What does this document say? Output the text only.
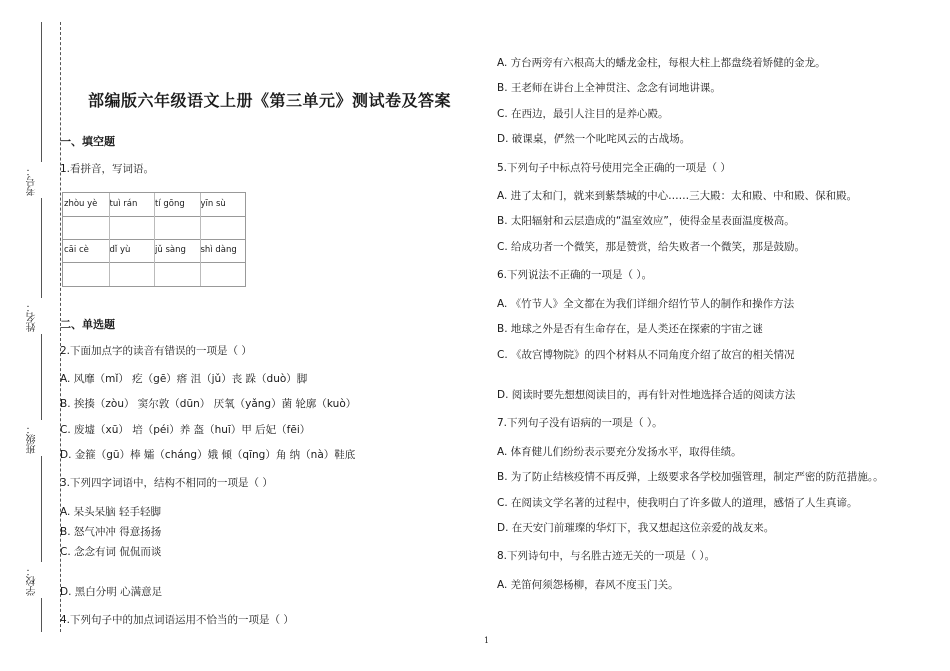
考号：
姓名：
班级：
学校：
部编版六年级语文上册《第三单元》测试卷及答案
一、填空题
1.看拼音，写词语。
zhòu yè	tuì rán	tí gōng	yīn sù
cāi cè	dǐ yù	jǔ sàng	shì dàng
二、单选题
2.下面加点字的读音有错误的一项是（ ）
A. 风靡（mǐ） 疙（gē）瘩 沮（jǔ）丧 跺（duò）脚
B. 挨揍（zòu） 窦尔敦（dūn） 厌氧（yǎng）菌 轮廓（kuò）
C. 废墟（xū） 培（péi）养 盔（huī）甲 后妃（fēi）
D. 金箍（gū）棒 孀（cháng）娥 倾（qīng）角 纳（nà）鞋底
3.下列四字词语中，结构不相同的一项是（ ）
A. 呆头呆脑 轻手轻脚
B. 怒气冲冲 得意扬扬
C. 念念有词 侃侃而谈
D. 黑白分明 心满意足
4.下列句子中的加点词语运用不恰当的一项是（ ）
A. 方台两旁有六根高大的蟠龙金柱，每根大柱上都盘绕着矫健的金龙。
B. 王老师在讲台上全神贯注、念念有词地讲课。
C. 在西边，最引人注目的是养心殿。
D. 破课桌，俨然一个叱咤风云的古战场。
5.下列句子中标点符号使用完全正确的一项是（ ）
A. 进了太和门，就来到紫禁城的中心……三大殿：太和殿、中和殿、保和殿。
B. 太阳辐射和云层造成的“温室效应”，使得金星表面温度极高。
C. 给成功者一个微笑，那是赞赏，给失败者一个微笑，那是鼓励。
6.下列说法不正确的一项是（ ）。
A. 《竹节人》全文都在为我们详细介绍竹节人的制作和操作方法
B. 地球之外是否有生命存在，是人类还在探索的宇宙之谜
C. 《故宫博物院》的四个材料从不同角度介绍了故宫的相关情况
D. 阅读时要先想想阅读目的，再有针对性地选择合适的阅读方法
7.下列句子没有语病的一项是（ ）。
A. 体育健儿们纷纷表示要充分发扬水平，取得佳绩。
B. 为了防止结核疫情不再反弹，上级要求各学校加强管理，制定严密的防范措施。。
C. 在阅读文学名著的过程中，使我明白了许多做人的道理，感悟了人生真谛。
D. 在天安门前璀璨的华灯下，我又想起这位亲爱的战友来。
8.下列诗句中，与名胜古迹无关的一项是（ ）。
A. 羌笛何须怨杨柳，春风不度玉门关。
1
